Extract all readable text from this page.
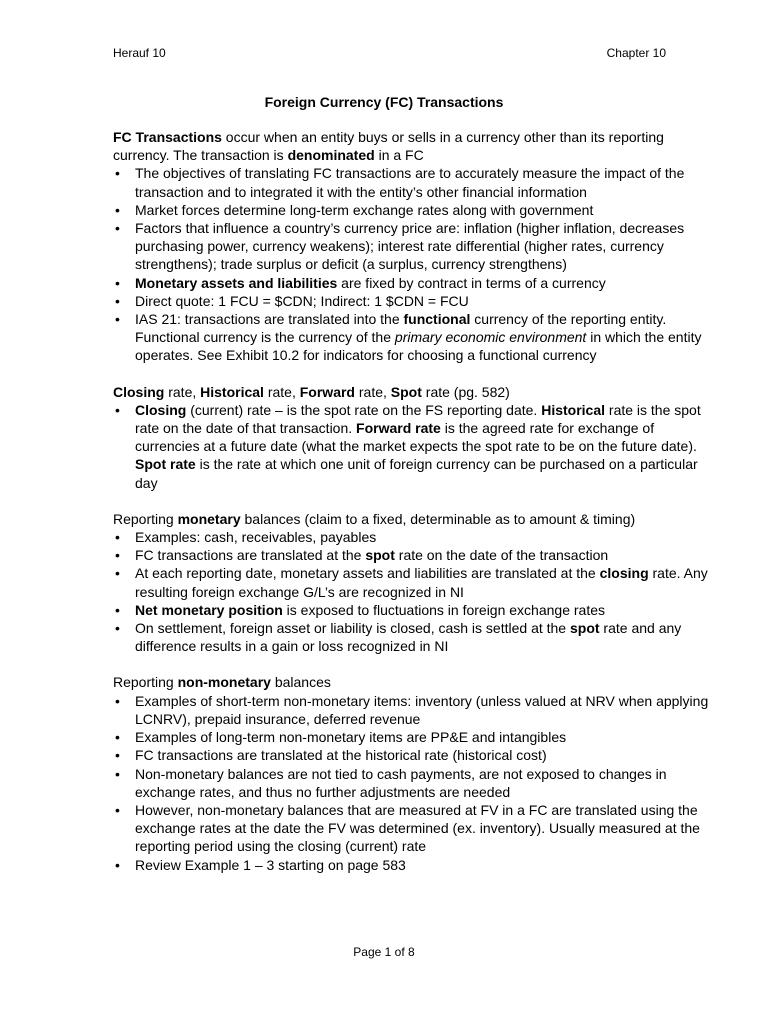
Herauf 10	Chapter 10
Foreign Currency (FC) Transactions

FC Transactions occur when an entity buys or sells in a currency other than its reporting currency. The transaction is denominated in a FC

• The objectives of translating FC transactions are to accurately measure the impact of the transaction and to integrated it with the entity’s other financial information
• Market forces determine long-term exchange rates along with government
• Factors that influence a country’s currency price are: inflation (higher inflation, decreases purchasing power, currency weakens); interest rate differential (higher rates, currency strengthens); trade surplus or deficit (a surplus, currency strengthens)
• Monetary assets and liabilities are fixed by contract in terms of a currency
• Direct quote: 1 FCU = $CDN; Indirect: 1 $CDN = FCU
• IAS 21: transactions are translated into the functional currency of the reporting entity. Functional currency is the currency of the primary economic environment in which the entity operates. See Exhibit 10.2 for indicators for choosing a functional currency

Closing rate, Historical rate, Forward rate, Spot rate (pg. 582)

• Closing (current) rate – is the spot rate on the FS reporting date. Historical rate is the spot rate on the date of that transaction. Forward rate is the agreed rate for exchange of currencies at a future date (what the market expects the spot rate to be on the future date). Spot rate is the rate at which one unit of foreign currency can be purchased on a particular day

Reporting monetary balances (claim to a fixed, determinable as to amount & timing)

• Examples: cash, receivables, payables
• FC transactions are translated at the spot rate on the date of the transaction
• At each reporting date, monetary assets and liabilities are translated at the closing rate. Any resulting foreign exchange G/L’s are recognized in NI
• Net monetary position is exposed to fluctuations in foreign exchange rates
• On settlement, foreign asset or liability is closed, cash is settled at the spot rate and any difference results in a gain or loss recognized in NI

Reporting non-monetary balances

• Examples of short-term non-monetary items: inventory (unless valued at NRV when applying LCNRV), prepaid insurance, deferred revenue
• Examples of long-term non-monetary items are PP&E and intangibles
• FC transactions are translated at the historical rate (historical cost)
• Non-monetary balances are not tied to cash payments, are not exposed to changes in exchange rates, and thus no further adjustments are needed
• However, non-monetary balances that are measured at FV in a FC are translated using the exchange rates at the date the FV was determined (ex. inventory). Usually measured at the reporting period using the closing (current) rate
• Review Example 1 – 3 starting on page 583
Page 1 of 8
